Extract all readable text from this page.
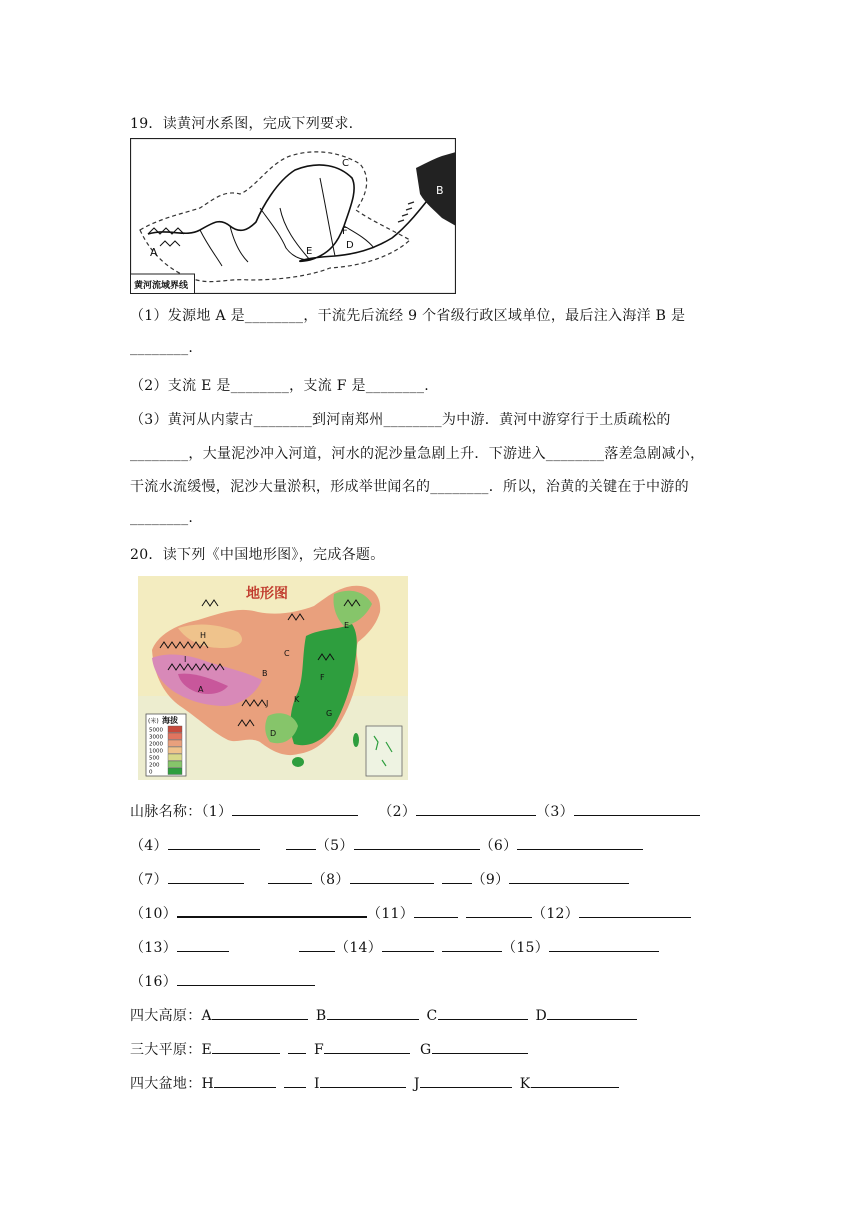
19．读黄河水系图，完成下列要求.
A
B
C
E
F
D
黄河流域界线
（1）发源地 A 是________，干流先后流经 9 个省级行政区域单位，最后注入海洋 B 是
________.
（2）支流 E 是________，支流 F 是________.
（3）黄河从内蒙古________到河南郑州________为中游．黄河中游穿行于土质疏松的
________，大量泥沙冲入河道，河水的泥沙量急剧上升．下游进入________落差急剧减小，
干流水流缓慢，泥沙大量淤积，形成举世闻名的________．所以，治黄的关键在于中游的
________.
20．读下列《中国地形图》，完成各题。
地形图
H
I
A
B
C
E
F
J	K
G
D
(米) 海拔
5000
3000
2000
1000
500
200
0
山脉名称：（1）	（2）	（3）
（4）	（5）	（6）
（7）	（8）	（9）
（10）	（11）	（12）
（13）	（14）	（15）
（16）
四大高原：A	B	C	D
三大平原：E	F	G
四大盆地：H	I	J	K
